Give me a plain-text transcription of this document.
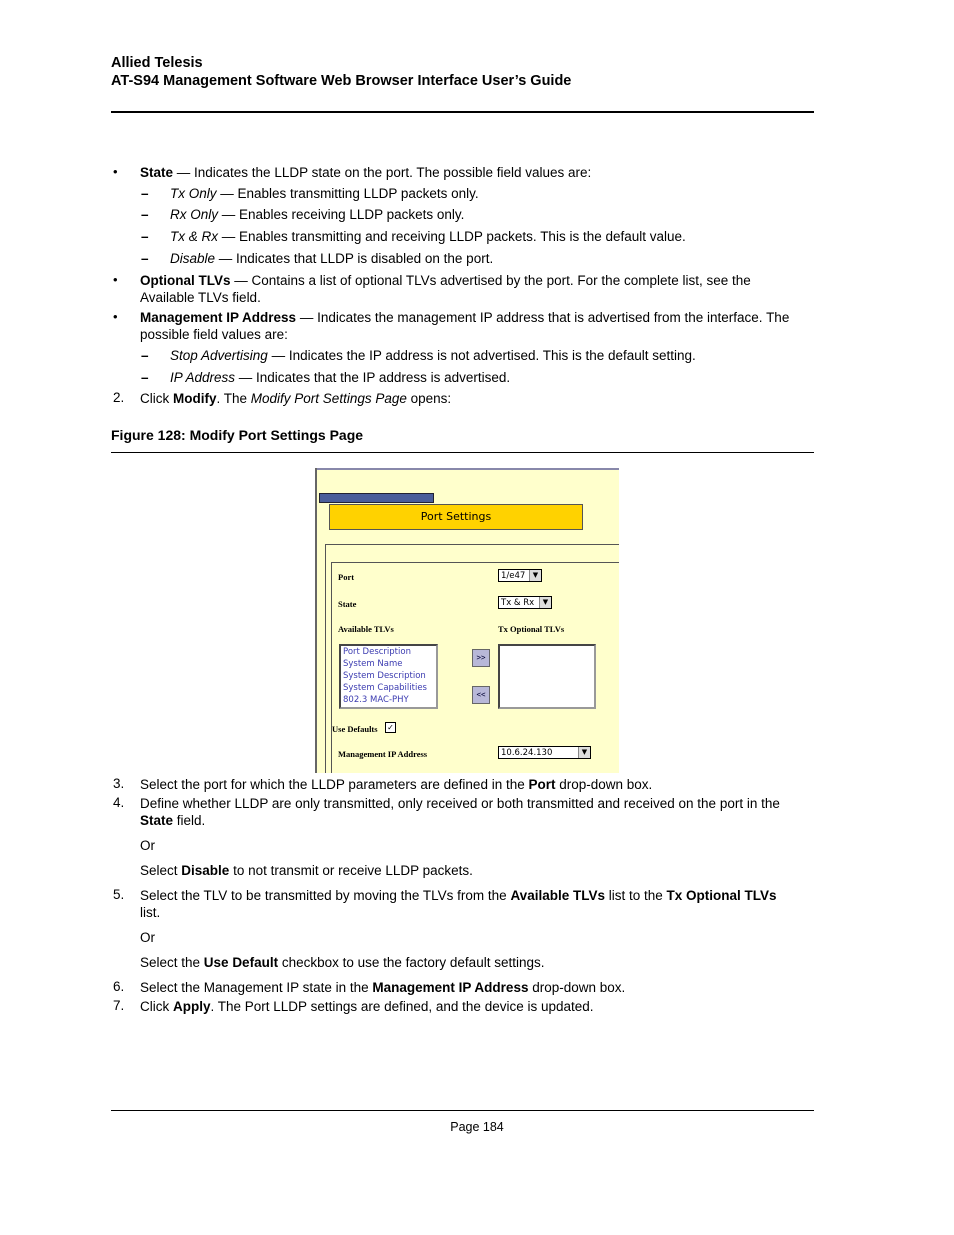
Allied Telesis
AT-S94 Management Software Web Browser Interface User’s Guide
• State — Indicates the LLDP state on the port. The possible field values are:
– Tx Only — Enables transmitting LLDP packets only.
– Rx Only — Enables receiving LLDP packets only.
– Tx & Rx — Enables transmitting and receiving LLDP packets. This is the default value.
– Disable — Indicates that LLDP is disabled on the port.
• Optional TLVs — Contains a list of optional TLVs advertised by the port. For the complete list, see the
Available TLVs field.
• Management IP Address — Indicates the management IP address that is advertised from the interface. The
possible field values are:
– Stop Advertising — Indicates the IP address is not advertised. This is the default setting.
– IP Address — Indicates that the IP address is advertised.
2. Click Modify. The Modify Port Settings Page opens:
Figure 128: Modify Port Settings Page
Port Settings
Port	1/e47	▼
State	Tx & Rx	▼
Available TLVs	Tx Optional TLVs
Port Description
System Name
System Description
System Capabilities
802.3 MAC-PHY
>>
<<
Use Defaults ✓
Management IP Address	10.6.24.130	▼
3. Select the port for which the LLDP parameters are defined in the Port drop-down box.
4. Define whether LLDP are only transmitted, only received or both transmitted and received on the port in the
State field.
Or
Select Disable to not transmit or receive LLDP packets.
5. Select the TLV to be transmitted by moving the TLVs from the Available TLVs list to the Tx Optional TLVs
list.
Or
Select the Use Default checkbox to use the factory default settings.
6. Select the Management IP state in the Management IP Address drop-down box.
7. Click Apply. The Port LLDP settings are defined, and the device is updated.
Page 184
